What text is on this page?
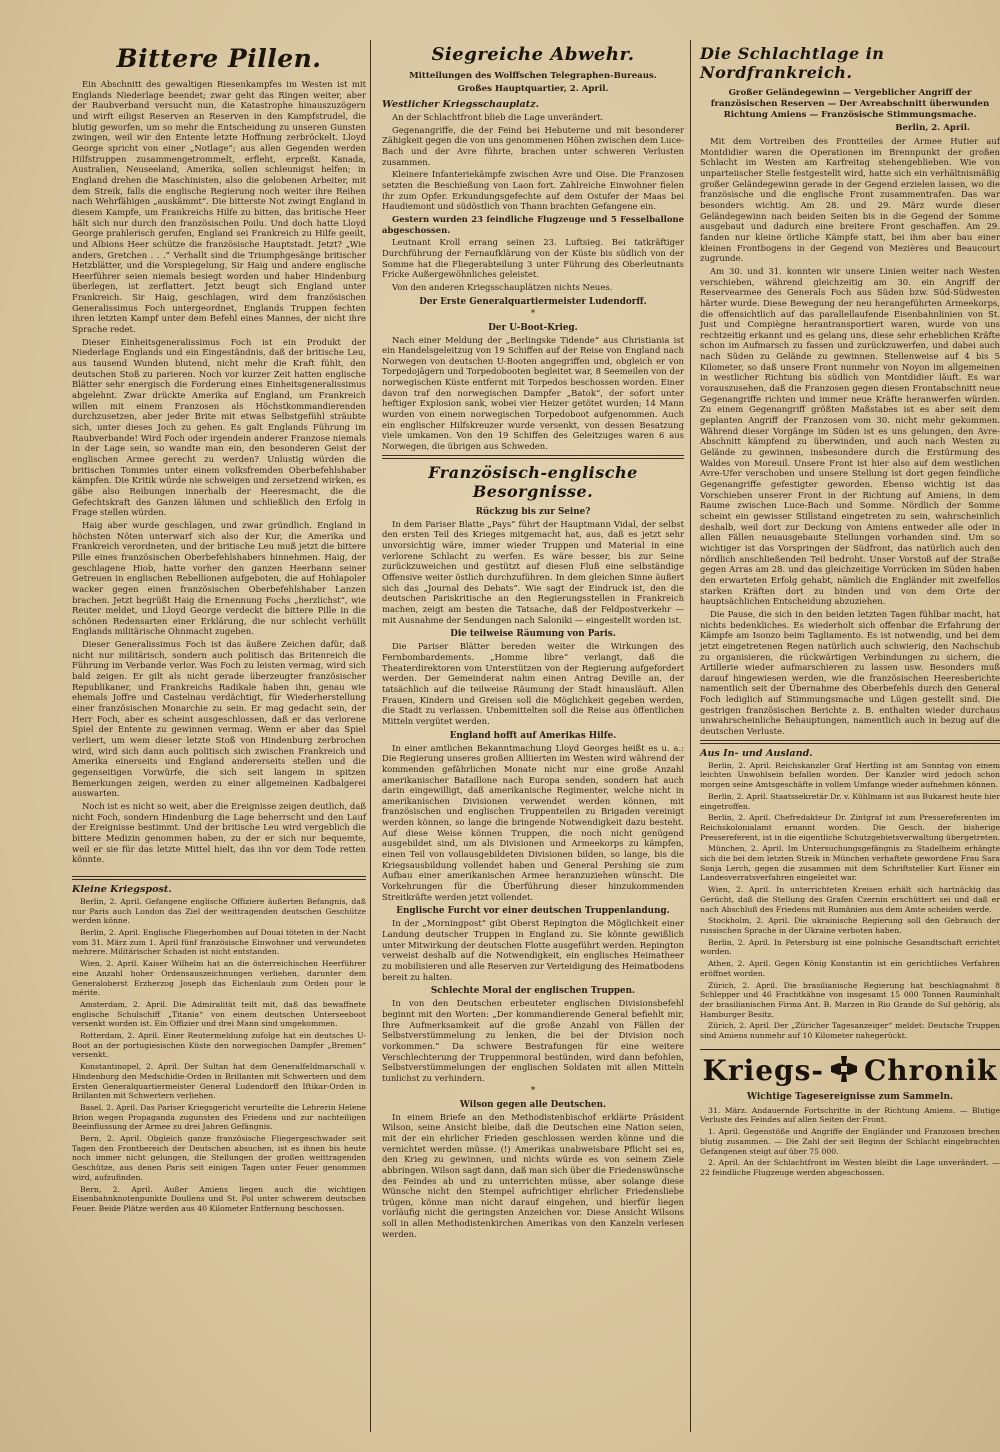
Bittere Pillen.

Ein Abschnitt des gewaltigen Riesenkampfes im Westen ist mit Englands Niederlage beendet; zwar geht das Ringen weiter, aber der Raubverband versucht nun, die Katastrophe hinauszuzögern und wirft eiligst Reserven an Reserven in den Kampfstrudel, die blutig geworfen, um so mehr die Entscheidung zu unseren Gunsten zwingen, weil wir den Entente letzte Hoffnung zerbröckelt. Lloyd George spricht von einer „Notlage“; aus allen Gegenden werden Hilfstruppen zusammengetrommelt, erfleht, erpreßt. Kanada, Australien, Neuseeland, Amerika, sollen schleunigst helfen; in England drehen die Maschinisten, also die gelobenen Arbeiter, mit dem Streik, falls die englische Regierung noch weiter ihre Reihen nach Wehrfähigen „auskämmt“. Die bitterste Not zwingt England in diesem Kampfe, um Frankreichs Hilfe zu bitten, das britische Heer hält sich nur durch den französischen Poilu. Und doch hatte Lloyd George prahlerisch gerufen, England sei Frankreich zu Hilfe geeilt, und Albions Heer schütze die französische Hauptstadt. Jetzt? „Wie anders, Gretchen . . .“ Verhallt sind die Triumphgesänge britischer Hetzblätter, und die Vorspiegelung, Sir Haig und andere englische Heerführer seien niemals besiegt worden und haber Hindenburg überlegen, ist zerflattert. Jetzt beugt sich England unter Frankreich. Sir Haig, geschlagen, wird dem französischen Generalissimus Foch untergeordnet, Englands Truppen fechten ihren letzten Kampf unter dem Befehl eines Mannes, der nicht ihre Sprache redet.

Dieser Einheitsgeneralissimus Foch ist ein Produkt der Niederlage Englands und ein Eingeständnis, daß der britische Leu, aus tausend Wunden blutend, nicht mehr die Kraft fühlt, den deutschen Stoß zu parieren. Noch vor kurzer Zeit hatten englische Blätter sehr energisch die Forderung eines Einheitsgeneralissimus abgelehnt. Zwar drückte Amerika auf England, um Frankreich willen mit einem Franzosen als Höchstkommandierenden durchzusetzen, aber jeder Brite mit etwas Selbstgefühl sträubte sich, unter dieses Joch zu gehen. Es galt Englands Führung im Raubverbande! Wird Foch oder irgendein anderer Franzose niemals in der Lage sein, so wandte man ein, den besonderen Geist der englischen Armee gerecht zu werden? Unlustig würden die britischen Tommies unter einem volksfremden Oberbefehlshaber kämpfen. Die Kritik würde nie schweigen und zersetzend wirken, es gäbe also Reibungen innerhalb der Heeresmacht, die die Gefechtskraft des Ganzen lähmen und schließlich den Erfolg in Frage stellen würden.

Haig aber wurde geschlagen, und zwar gründlich. England in höchsten Nöten unterwarf sich also der Kur, die Amerika und Frankreich verordneten, und der britische Leu muß jetzt die bittere Pille eines französischen Oberbefehlshabers hinnehmen. Haig, der geschlagene Hiob, hatte vorher den ganzen Heerbann seiner Getreuen in englischen Rebellionen aufgeboten, die auf Hohlapoler wacker gegen einen französischen Oberbefehlshaber Lanzen brachen. Jetzt begrüßt Haig die Ernennung Fochs „herzlichst“, wie Reuter meldet, und Lloyd George verdeckt die bittere Pille in die schönen Redensarten einer Erklärung, die nur schlecht verhüllt Englands militärische Ohnmacht zugeben.

Dieser Generalissimus Foch ist das äußere Zeichen dafür, daß nicht nur militärisch, sondern auch politisch das Britenreich die Führung im Verbande verlor. Was Foch zu leisten vermag, wird sich bald zeigen. Er gilt als nicht gerade überzeugter französischer Republikaner, und Frankreichs Radikale haben ihn, genau wie ehemals Joffre und Castelnau verdächtigt, für Wiederherstellung einer französischen Monarchie zu sein. Er mag gedacht sein, der Herr Foch, aber es scheint ausgeschlossen, daß er das verlorene Spiel der Entente zu gewinnen vermag. Wenn er aber das Spiel verliert, um wem dieser letzte Stoß von Hindenburg zerbrochen wird, wird sich dann auch politisch sich zwischen Frankreich und Amerika einerseits und England andererseits stellen und die gegenseitigen Vorwürfe, die sich seit langem in spitzen Bemerkungen zeigen, werden zu einer allgemeinen Kadbalgerei auswarten.

Noch ist es nicht so weit, aber die Ereignisse zeigen deutlich, daß nicht Foch, sondern Hindenburg die Lage beherrscht und den Lauf der Ereignisse bestimmt. Und der britische Leu wird vergeblich die bittere Medizin genommen haben, zu der er sich nur bequemte, weil er sie für das letzte Mittel hielt, das ihn vor dem Tode retten könnte.

Kleine Kriegspost.

Berlin, 2. April. Gefangene englische Offiziere äußerten Befangnis, daß nur Paris auch London das Ziel der weittragenden deutschen Geschütze werden könne.

Berlin, 2. April. Englische Fliegerbomben auf Douai töteten in der Nacht vom 31. März zum 1. April fünf französische Einwohner und verwundeten mehrere. Militärischer Schaden ist nicht entstanden.

Wien, 2. April. Kaiser Wilhelm hat an die österreichischen Heerführer eine Anzahl hoher Ordensauszeichnungen verliehen, darunter dem Generaloberst Erzherzog Joseph das Eichenlaub zum Orden pour le mérite.

Amsterdam, 2. April. Die Admiralität teilt mit, daß das bewaffnete englische Schulschiff „Titania“ von einem deutschen Unterseeboot versenkt worden ist. Ein Offizier und drei Mann sind umgekommen.

Rotterdam, 2. April. Einer Reutermeldung zufolge hat ein deutsches U-Boot an der portugiesischen Küste den norwegischen Dampfer „Bremen“ versenkt.

Konstantinopel, 2. April. Der Sultan hat dem Generalfeldmarschall v. Hindenburg den Medschidie-Orden in Brillanten mit Schwertern und dem Ersten Generalquartiermeister General Ludendorff den Iftikar-Orden in Brillanten mit Schwertern verliehen.

Basel, 2. April. Das Pariser Kriegsgericht verurteilte die Lehrerin Helene Brion wegen Propaganda zugunsten des Friedens und zur nachteiligen Beeinflussung der Armee zu drei Jahren Gefängnis.

Bern, 2. April. Obgleich ganze französische Fliegergeschwader seit Tagen den Frontbereich der Deutschen absuchen, ist es ihnen bis heute noch immer nicht gelungen, die Stellungen der großen weittragenden Geschütze, aus denen Paris seit einigen Tagen unter Feuer genommen wird, aufzufinden.

Bern, 2. April. Außer Amiens liegen auch die wichtigen Eisenbahnknotenpunkte Doullens und St. Pol unter schwerem deutschen Feuer. Beide Plätze werden aus 40 Kilometer Entfernung beschossen.

Siegreiche Abwehr.
Mitteilungen des Wolffschen Telegraphen-Bureaus.
Großes Hauptquartier, 2. April.
Westlicher Kriegsschauplatz.

An der Schlachtfront blieb die Lage unverändert.

Gegenangriffe, die der Feind bei Hebuterne und mit besonderer Zähigkeit gegen die von uns genommenen Höhen zwischen dem Luce-Bach und der Avre führte, brachen unter schweren Verlusten zusammen.

Kleinere Infanteriekämpfe zwischen Avre und Oise. Die Franzosen setzten die Beschießung von Laon fort. Zahlreiche Einwohner fielen ihr zum Opfer. Erkundungsgefechte auf dem Ostufer der Maas bei Haudiemont und südöstlich von Thann brachten Gefangene ein.

Gestern wurden 23 feindliche Flugzeuge und 5 Fesselballone abgeschossen.

Leutnant Kroll errang seinen 23. Luftsieg. Bei tatkräftiger Durchführung der Fernaufklärung von der Küste bis südlich von der Somme hat die Fliegerabteilung 3 unter Führung des Oberleutnants Fricke Außergewöhnliches geleistet.

Von den anderen Kriegsschauplätzen nichts Neues.

Der Erste Generalquartiermeister Ludendorff.
*
Der U-Boot-Krieg.

Nach einer Meldung der „Berlingske Tidende“ aus Christiania ist ein Handelsgeleitzug von 19 Schiffen auf der Reise von England nach Norwegen von deutschen U-Booten angegriffen und, obgleich er von Torpedojägern und Torpedobooten begleitet war, 8 Seemeilen von der norwegischen Küste entfernt mit Torpedos beschossen worden. Einer davon traf den norwegischen Dampfer „Batok“, der sofort unter heftiger Explosion sank, wobei vier Heizer getötet wurden; 14 Mann wurden von einem norwegischen Torpedoboot aufgenommen. Auch ein englischer Hilfskreuzer wurde versenkt, von dessen Besatzung viele umkamen. Von den 19 Schiffen des Geleitzuges waren 6 aus Norwegen, die übrigen aus Schweden.

Französisch-englische Besorgnisse.
Rückzug bis zur Seine?

In dem Pariser Blatte „Pays“ führt der Hauptmann Vidal, der selbst den ersten Teil des Krieges mitgemacht hat, aus, daß es jetzt sehr unvorsichtig wäre, immer wieder Truppen und Material in eine verlorene Schlacht zu werfen. Es wäre besser, bis zur Seine zurückzuweichen und gestützt auf diesen Fluß eine selbständige Offensive weiter östlich durchzuführen. In dem gleichen Sinne äußert sich das „Journal des Debats“. Wie sagt der Eindruck ist, den die deutschen Pariskritische an den Regierungsstellen in Frankreich machen, zeigt am besten die Tatsache, daß der Feldpostverkehr — mit Ausnahme der Sendungen nach Saloniki — eingestellt worden ist.

Die teilweise Räumung von Paris.

Die Pariser Blätter bereden weiter die Wirkungen des Fernbombardements. „Homme libre“ verlangt, daß die Theaterdirektoren vom Unterstützen von der Regierung aufgefordert werden. Der Gemeinderat nahm einen Antrag Deville an, der tatsächlich auf die teilweise Räumung der Stadt hinausläuft. Allen Frauen, Kindern und Greisen soll die Möglichkeit gegeben werden, die Stadt zu verlassen. Unbemittelten soll die Reise aus öffentlichen Mitteln vergütet werden.

England hofft auf Amerikas Hilfe.

In einer amtlichen Bekanntmachung Lloyd Georges heißt es u. a.: Die Regierung unseres großen Alliierten im Westen wird während der kommenden gefährlichen Monate nicht nur eine große Anzahl amerikanischer Bataillone nach Europa senden, sondern hat auch darin eingewilligt, daß amerikanische Regimenter, welche nicht in amerikanischen Divisionen verwendet werden können, mit französischen und englischen Truppenteilen zu Brigaden vereinigt werden können, so lange die bringende Notwendigkeit dazu besteht. Auf diese Weise können Truppen, die noch nicht genügend ausgebildet sind, um als Divisionen und Armeekorps zu kämpfen, einen Teil von vollausgebildeten Divisionen bilden, so lange, bis die Kriegsausbildung vollendet haben und General Pershing sie zum Aufbau einer amerikanischen Armee heranzuziehen wünscht. Die Vorkehrungen für die Überführung dieser hinzukommenden Streitkräfte werden jetzt vollendet.

Englische Furcht vor einer deutschen Truppenlandung.

In der „Morningpost“ gibt Oberst Repington die Möglichkeit einer Landung deutscher Truppen in England zu. Sie könnte gewißlich unter Mitwirkung der deutschen Flotte ausgeführt werden. Repington verweist deshalb auf die Notwendigkeit, ein englisches Heimatheer zu mobilisieren und alle Reserven zur Verteidigung des Heimatbodens bereit zu halten.

Schlechte Moral der englischen Truppen.

In von den Deutschen erbeuteter englischen Divisionsbefehl beginnt mit den Worten: „Der kommandierende General befiehlt mir, Ihre Aufmerksamkeit auf die große Anzahl von Fällen der Selbstverstümmelung zu lenken, die bei der Division noch vorkommen.“ Da schwere Bestrafungen für eine weitere Verschlechterung der Truppenmoral bestünden, wird dann befohlen, Selbstverstümmelungen der englischen Soldaten mit allen Mitteln tunlichst zu verhindern.

*
Wilson gegen alle Deutschen.

In einem Briefe an den Methodistenbischof erklärte Präsident Wilson, seine Ansicht bleibe, daß die Deutschen eine Nation seien, mit der ein ehrlicher Frieden geschlossen werden könne und die vernichtet werden müsse. (!) Amerikas unabweisbare Pflicht sei es, den Krieg zu gewinnen, und nichts würde es von seinem Ziele abbringen. Wilson sagt dann, daß man sich über die Friedenswünsche des Feindes ab und zu unterrichten müsse, aber solange diese Wünsche nicht den Stempel aufrichtiger ehrlicher Friedensliebe trügen, könne man nicht darauf eingehen, und hierfür liegen vorläufig nicht die geringsten Anzeichen vor. Diese Ansicht Wilsons soll in allen Methodistenkirchen Amerikas von den Kanzeln verlesen werden.

Die Schlachtlage in Nordfrankreich.
Großer Geländegewinn — Vergeblicher Angriff der französischen Reserven — Der Avreabschnitt überwunden Richtung Amiens — Französische Stimmungsmache.
Berlin, 2. April.

Mit dem Vortreiben des Frontteiles der Armee Hutier auf Montdidier waren die Operationen im Brennpunkt der großen Schlacht im Westen am Karfreitag stehengeblieben. Wie von unparteiischer Stelle festgestellt wird, hatte sich ein verhältnismäßig großer Geländegewinn gerade in der Gegend erzielen lassen, wo die französische und die englische Front zusammentrafen. Das war besonders wichtig. Am 28. und 29. März wurde dieser Geländegewinn nach beiden Seiten bis in die Gegend der Somme ausgebaut und dadurch eine breitere Front geschaffen. Am 29. fanden nur kleine örtliche Kämpfe statt, bei ihm aber bau einer kleinen Frontbogens in der Gegend von Mezières und Beaucourt zugrunde.

Am 30. und 31. konnten wir unsere Linien weiter nach Westen verschieben, während gleichzeitig am 30. ein Angriff der Reservearmee des Generals Foch aus Süden bzw. Süd-Südwesten härter wurde. Diese Bewegung der neu herangeführten Armeekorps, die offensichtlich auf das parallellaufende Eisenbahnlinien von St. Just und Compiègne herantransportiert waren, wurde von uns rechtzeitig erkannt und es gelang uns, diese sehr erheblichen Kräfte schon im Aufmarsch zu fassen und zurückzuwerfen, und dabei auch nach Süden zu Gelände zu gewinnen. Stellenweise auf 4 bis 5 Kilometer, so daß unsere Front nunmehr von Noyon im allgemeinen in westlicher Richtung bis südlich von Montdidier läuft. Es war vorauszusehen, daß die Franzosen gegen diesen Frontabschnitt neue Gegenangriffe richten und immer neue Kräfte heranwerfen würden. Zu einem Gegenangriff größten Maßstabes ist es aber seit dem geplanten Angriff der Franzosen vom 30. nicht mehr gekommen. Während dieser Vorgänge im Süden ist es uns gelungen, den Avre-Abschnitt kämpfend zu überwinden, und auch nach Westen zu Gelände zu gewinnen, insbesondere durch die Erstürmung des Waldes von Moreuil. Unsere Front ist hier also auf dem westlichen Avre-Ufer verschoben und unsere Stellung ist dort gegen feindliche Gegenangriffe gefestigter geworden. Ebenso wichtig ist das Vorschieben unserer Front in der Richtung auf Amiens, in dem Raume zwischen Luce-Bach und Somme. Nördlich der Somme scheint ein gewisser Stillstand eingetreten zu sein, wahrscheinlich deshalb, weil dort zur Deckung von Amiens entweder alle oder in allen Fällen neuausgebaute Stellungen vorhanden sind. Um so wichtiger ist das Vorspringen der Südfront, das natürlich auch den nördlich anschließenden Teil bedroht. Unser Vorstoß auf der Straße gegen Arras am 28. und das gleichzeitige Vorrücken im Süden haben den erwarteten Erfolg gehabt, nämlich die Engländer mit zweifellos starken Kräften dort zu binden und von dem Orte der hauptsächlichen Entscheidung abzuziehen.

Die Pause, die sich in den beiden letzten Tagen fühlbar macht, hat nichts bedenkliches. Es wiederholt sich offenbar die Erfahrung der Kämpfe am Isonzo beim Tagliamento. Es ist notwendig, und bei dem jetzt eingetretenen Regen natürlich auch schwierig, den Nachschub zu organisieren, die rückwärtigen Verbindungen zu sichern, die Artillerie wieder aufmarschieren zu lassen usw. Besonders muß darauf hingewiesen werden, wie die französischen Heeresberichte namentlich seit der Übernahme des Oberbefehls durch den General Foch lediglich auf Stimmungsmache und Lügen gestellt sind. Die gestrigen französischen Berichte z. B. enthalten wieder durchaus unwahrscheinliche Behauptungen, namentlich auch in bezug auf die deutschen Verluste.

Aus In- und Ausland.

Berlin, 2. April. Reichskanzler Graf Hertling ist am Sonntag von einem leichten Unwohlsein befallen worden. Der Kanzler wird jedoch schon morgen seine Amtsgeschäfte in vollem Umfange wieder aufnehmen können.

Berlin, 2. April. Staatssekretär Dr. v. Kühlmann ist aus Bukarest heute hier eingetroffen.

Berlin, 2. April. Chefredakteur Dr. Zintgraf ist zum Pressereferenten im Reichskolonialamt ernannt worden. Die Gesch. der bisherige Pressereferent, ist in die eigentliche Schutzgebietsverwaltung übergetreten.

München, 2. April. Im Untersuchungsgefängnis zu Stadelheim erhängte sich die bei dem letzten Streik in München verhaftete gewordene Frau Sara Sonja Lerch, gegen die zusammen mit dem Schriftsteller Kurt Eisner ein Landesverratsverfahren eingeleitet war.

Wien, 2. April. In unterrichteten Kreisen erhält sich hartnäckig das Gerücht, daß die Stellung des Grafen Czernin erschüttert sei und daß er nach Abschluß des Friedens mit Rumänien aus dem Amte scheiden werde.

Stockholm, 2. April. Die ukrainische Regierung soll den Gebrauch der russischen Sprache in der Ukraine verboten haben.

Berlin, 2. April. In Petersburg ist eine polnische Gesandtschaft errichtet worden.

Athen, 2. April. Gegen König Konstantin ist ein gerichtliches Verfahren eröffnet worden.

Zürich, 2. April. Die brasilianische Regierung hat beschlagnahmt 8 Schlepper und 46 Frachtkähne von insgesamt 15 000 Tonnen Rauminhalt der brasilianischen Firma Ant. B. Marzen in Rio Grande do Sul gehörig, als Hamburger Besitz.

Zürich, 2. April. Der „Züricher Tagesanzeiger“ meldet: Deutsche Truppen sind Amiens nunmehr auf 10 Kilometer nahegerückt.

Kriegs- Chronik
Wichtige Tagesereignisse zum Sammeln.

31. März. Andauernde Fortschritte in der Richtung Amiens. — Blutige Verluste des Feindes auf allen Seiten der Front.

1. April. Gegenstöße und Angriffe der Engländer und Franzosen brechen blutig zusammen. — Die Zahl der seit Beginn der Schlacht eingebrachten Gefangenen steigt auf über 75 000.

2. April. An der Schlachtfront im Westen bleibt die Lage unverändert. — 22 feindliche Flugzeuge werden abgeschossen.
